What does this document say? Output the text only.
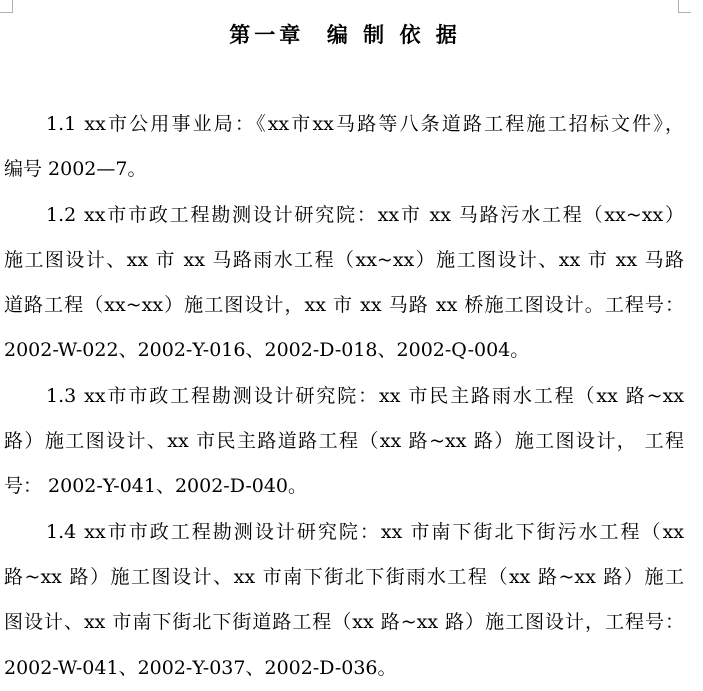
第一章  编 制 依 据
1.1 xx市公用事业局：《xx市xx马路等八条道路工程施工招标文件》，
编号 2002—7。
1.2 xx市市政工程勘测设计研究院：xx市 xx 马路污水工程（xx~xx）
施工图设计、xx 市 xx 马路雨水工程（xx~xx）施工图设计、xx 市 xx 马路
道路工程（xx~xx）施工图设计，xx 市 xx 马路 xx 桥施工图设计。工程号：
2002-W-022、2002-Y-016、2002-D-018、2002-Q-004。
1.3 xx市市政工程勘测设计研究院：xx 市民主路雨水工程（xx 路~xx
路）施工图设计、xx 市民主路道路工程（xx 路~xx 路）施工图设计， 工程
号： 2002-Y-041、2002-D-040。
1.4 xx市市政工程勘测设计研究院：xx 市南下街北下街污水工程（xx
路~xx 路）施工图设计、xx 市南下街北下街雨水工程（xx 路~xx 路）施工
图设计、xx 市南下街北下街道路工程（xx 路~xx 路）施工图设计，工程号：
2002-W-041、2002-Y-037、2002-D-036。
